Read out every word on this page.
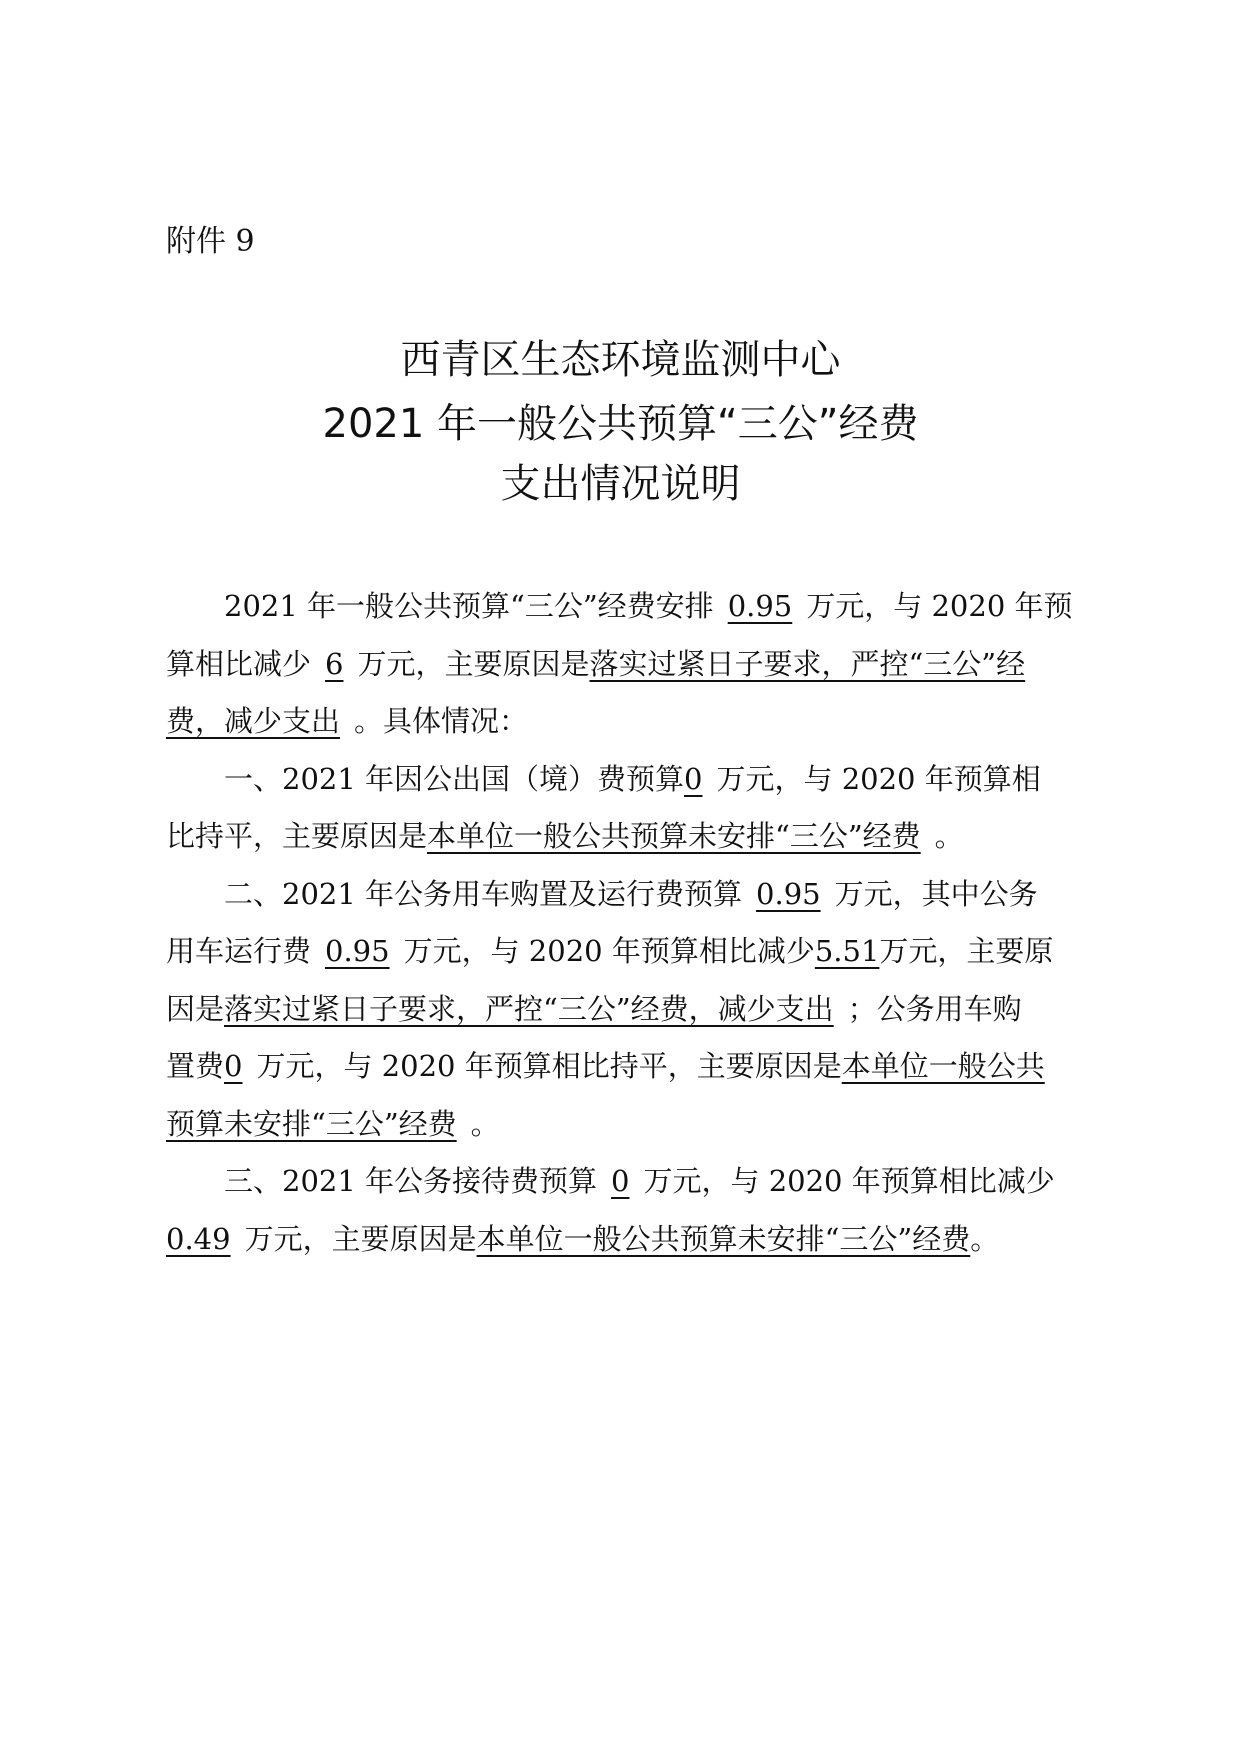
附件 9
西青区生态环境监测中心
2021 年一般公共预算“三公”经费
支出情况说明

2021 年一般公共预算“三公”经费安排 0.95 万元，与 2020 年预
算相比减少 6 万元，主要原因是落实过紧日子要求，严控“三公”经
费，减少支出 。具体情况：

一、2021 年因公出国（境）费预算0 万元，与 2020 年预算相
比持平，主要原因是本单位一般公共预算未安排“三公”经费 。

二、2021 年公务用车购置及运行费预算 0.95 万元，其中公务
用车运行费 0.95 万元，与 2020 年预算相比减少5.51万元，主要原
因是落实过紧日子要求，严控“三公”经费，减少支出 ；公务用车购
置费0 万元，与 2020 年预算相比持平，主要原因是本单位一般公共
预算未安排“三公”经费 。

三、2021 年公务接待费预算 0 万元，与 2020 年预算相比减少
0.49 万元，主要原因是本单位一般公共预算未安排“三公”经费。
